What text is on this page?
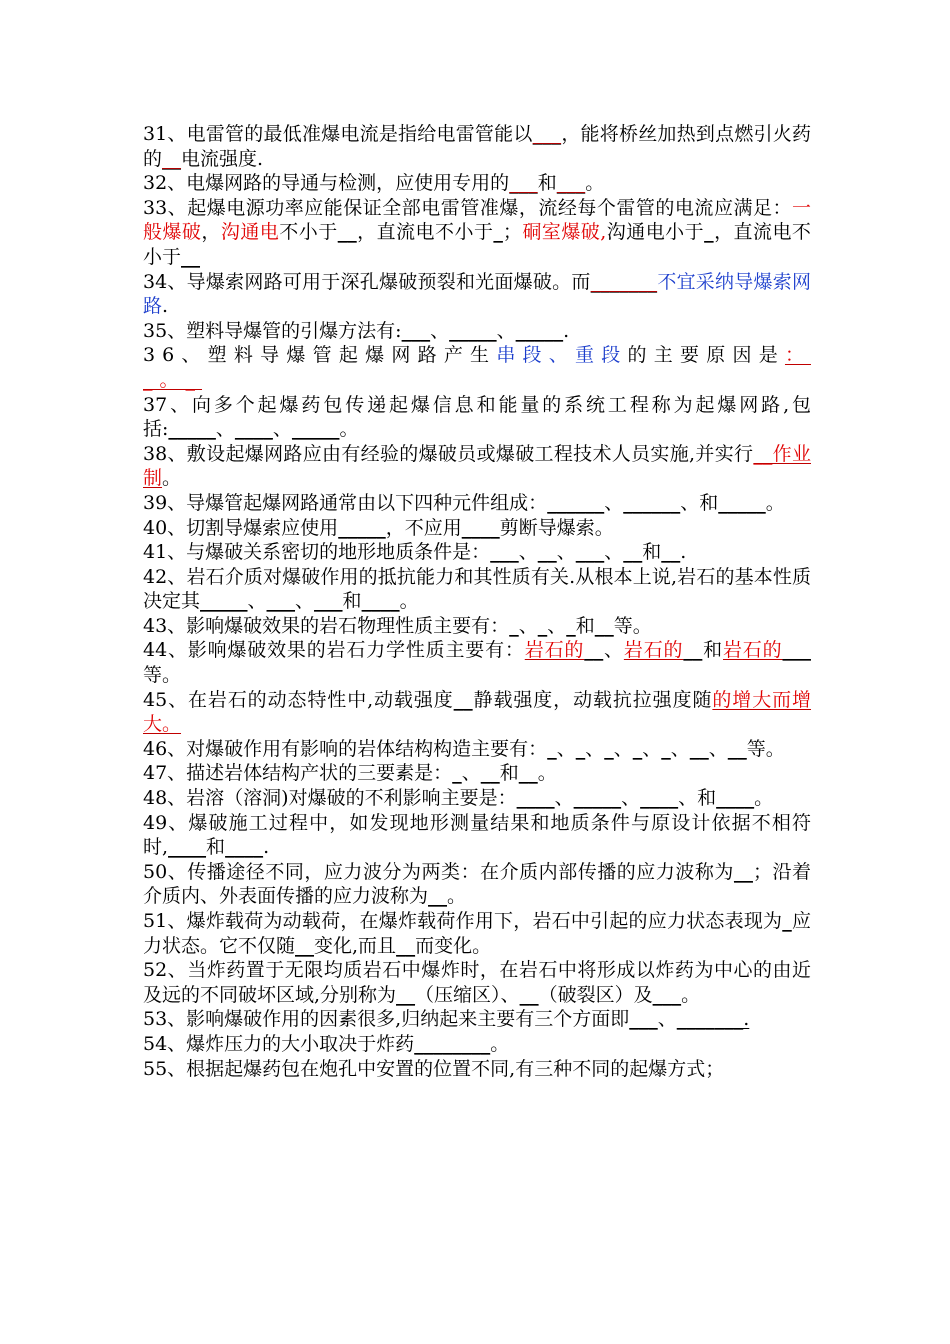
31、电雷管的最低准爆电流是指给电雷管能以___，能将桥丝加热到点燃引火药的__电流强度.

32、电爆网路的导通与检测，应使用专用的___和___。

33、起爆电源功率应能保证全部电雷管准爆，流经每个雷管的电流应满足：一般爆破，沟通电不小于__，直流电不小于_；硐室爆破,沟通电小于_，直流电不小于__

34、导爆索网路可用于深孔爆破预裂和光面爆破。而_______不宜采纳导爆索网路.

35、塑料导爆管的引爆方法有:___、_____、_____.

36、塑料导爆管起爆网路产生串段、重段的主要原因是：_。_

37、向多个起爆药包传递起爆信息和能量的系统工程称为起爆网路,包括:_____、____、_____。

38、敷设起爆网路应由有经验的爆破员或爆破工程技术人员实施,并实行__作业制。

39、导爆管起爆网路通常由以下四种元件组成：______、______、和_____。

40、切割导爆索应使用_____，不应用____剪断导爆索。

41、与爆破关系密切的地形地质条件是：___、__、___、__和__.

42、岩石介质对爆破作用的抵抗能力和其性质有关.从根本上说,岩石的基本性质决定其_____、___、___和____。

43、影响爆破效果的岩石物理性质主要有：_、_、_和__等。

44、影响爆破效果的岩石力学性质主要有：岩石的__、岩石的__和岩石的___等。

45、在岩石的动态特性中,动载强度__静载强度，动载抗拉强度随的增大而增大。

46、对爆破作用有影响的岩体结构构造主要有：_、_、_、_、_、__、__等。

47、描述岩体结构产状的三要素是：_、__和__。

48、岩溶（溶洞)对爆破的不利影响主要是：____、_____、____、和____。

49、爆破施工过程中，如发现地形测量结果和地质条件与原设计依据不相符时,____和____.

50、传播途径不同，应力波分为两类：在介质内部传播的应力波称为__；沿着介质内、外表面传播的应力波称为__。

51、爆炸载荷为动载荷，在爆炸载荷作用下，岩石中引起的应力状态表现为_应力状态。它不仅随__变化,而且__而变化。

52、当炸药置于无限均质岩石中爆炸时，在岩石中将形成以炸药为中心的由近及远的不同破坏区域,分别称为__（压缩区）、__（破裂区）及___。

53、影响爆破作用的因素很多,归纳起来主要有三个方面即___、_______.

54、爆炸压力的大小取决于炸药________。

55、根据起爆药包在炮孔中安置的位置不同,有三种不同的起爆方式；
